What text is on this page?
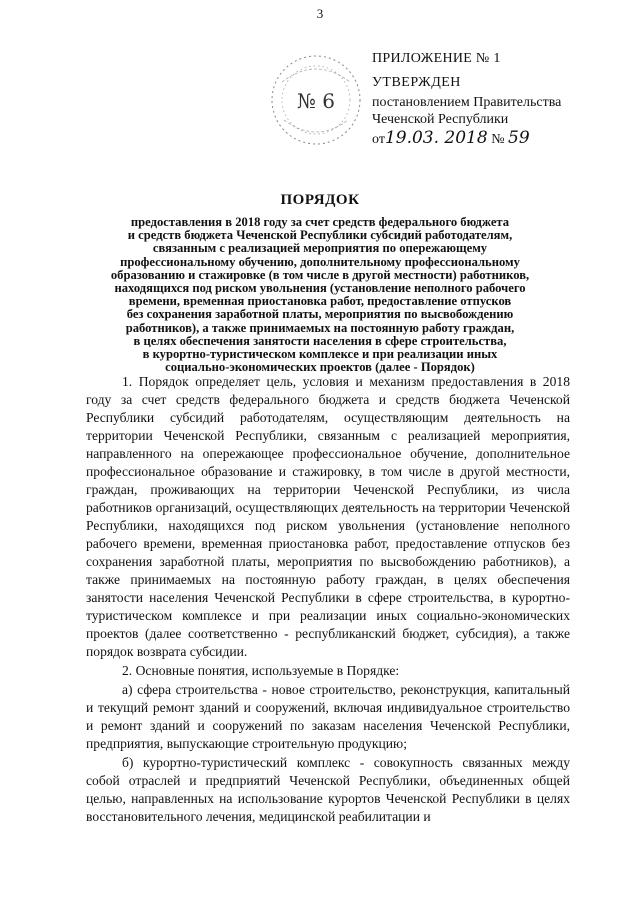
3
№ 6
ПРИЛОЖЕНИЕ № 1
УТВЕРЖДЕН
постановлением Правительства
Чеченской Республики
от19.03. 2018 № 59
ПОРЯДОК
предоставления в 2018 году за счет средств федерального бюджета
и средств бюджета Чеченской Республики субсидий работодателям,
связанным с реализацией мероприятия по опережающему
профессиональному обучению, дополнительному профессиональному
образованию и стажировке (в том числе в другой местности) работников,
находящихся под риском увольнения (установление неполного рабочего
времени, временная приостановка работ, предоставление отпусков
без сохранения заработной платы, мероприятия по высвобождению
работников), а также принимаемых на постоянную работу граждан,
в целях обеспечения занятости населения в сфере строительства,
в курортно-туристическом комплексе и при реализации иных
социально-экономических проектов (далее - Порядок)

1. Порядок определяет цель, условия и механизм предоставления в 2018 году за счет средств федерального бюджета и средств бюджета Чеченской Республики субсидий работодателям, осуществляющим деятельность на территории Чеченской Республики, связанным с реализацией мероприятия, направленного на опережающее профессиональное обучение, дополнительное профессиональное образование и стажировку, в том числе в другой местности, граждан, проживающих на территории Чеченской Республики, из числа работников организаций, осуществляющих деятельность на территории Чеченской Республики, находящихся под риском увольнения (установление неполного рабочего времени, временная приостановка работ, предоставление отпусков без сохранения заработной платы, мероприятия по высвобождению работников), а также принимаемых на постоянную работу граждан, в целях обеспечения занятости населения Чеченской Республики в сфере строительства, в курортно-туристическом комплексе и при реализации иных социально-экономических проектов (далее соответственно - республиканский бюджет, субсидия), а также порядок возврата субсидии.

2. Основные понятия, используемые в Порядке:

а) сфера строительства - новое строительство, реконструкция, капитальный и текущий ремонт зданий и сооружений, включая индивидуальное строительство и ремонт зданий и сооружений по заказам населения Чеченской Республики, предприятия, выпускающие строительную продукцию;

б) курортно-туристический комплекс - совокупность связанных между собой отраслей и предприятий Чеченской Республики, объединенных общей целью, направленных на использование курортов Чеченской Республики в целях восстановительного лечения, медицинской реабилитации и
